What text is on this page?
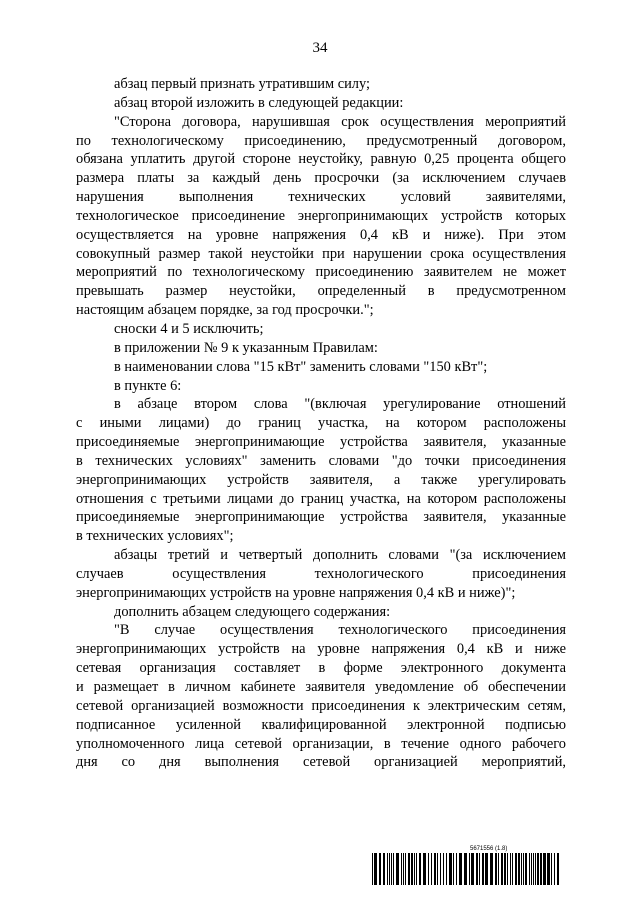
34
абзац первый признать утратившим силу;
абзац второй изложить в следующей редакции:
"Сторона договора, нарушившая срок осуществления мероприятий
по технологическому присоединению, предусмотренный договором,
обязана уплатить другой стороне неустойку, равную 0,25 процента общего
размера платы за каждый день просрочки (за исключением случаев
нарушения выполнения технических условий заявителями,
технологическое присоединение энергопринимающих устройств которых
осуществляется на уровне напряжения 0,4 кВ и ниже). При этом
совокупный размер такой неустойки при нарушении срока осуществления
мероприятий по технологическому присоединению заявителем не может
превышать размер неустойки, определенный в предусмотренном
настоящим абзацем порядке, за год просрочки.";
сноски 4 и 5 исключить;
в приложении № 9 к указанным Правилам:
в наименовании слова "15 кВт" заменить словами "150 кВт";
в пункте 6:
в абзаце втором слова "(включая урегулирование отношений
с иными лицами) до границ участка, на котором расположены
присоединяемые энергопринимающие устройства заявителя, указанные
в технических условиях" заменить словами "до точки присоединения
энергопринимающих устройств заявителя, а также урегулировать
отношения с третьими лицами до границ участка, на котором расположены
присоединяемые энергопринимающие устройства заявителя, указанные
в технических условиях";
абзацы третий и четвертый дополнить словами "(за исключением
случаев осуществления технологического присоединения
энергопринимающих устройств на уровне напряжения 0,4 кВ и ниже)";
дополнить абзацем следующего содержания:
"В случае осуществления технологического присоединения
энергопринимающих устройств на уровне напряжения 0,4 кВ и ниже
сетевая организация составляет в форме электронного документа
и размещает в личном кабинете заявителя уведомление об обеспечении
сетевой организацией возможности присоединения к электрическим сетям,
подписанное усиленной квалифицированной электронной подписью
уполномоченного лица сетевой организации, в течение одного рабочего
дня со дня выполнения сетевой организацией мероприятий,
5671556 (1.8)
